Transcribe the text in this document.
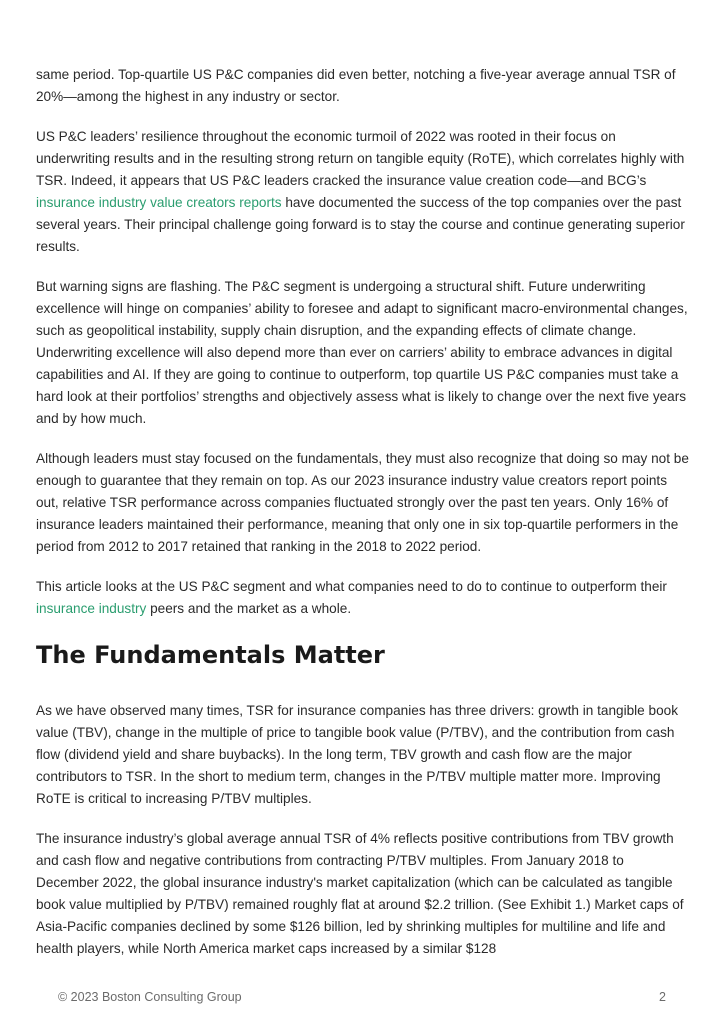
same period. Top-quartile US P&C companies did even better, notching a five-year average annual TSR of 20%—among the highest in any industry or sector.

US P&C leaders’ resilience throughout the economic turmoil of 2022 was rooted in their focus on underwriting results and in the resulting strong return on tangible equity (RoTE), which correlates highly with TSR. Indeed, it appears that US P&C leaders cracked the insurance value creation code—and BCG’s insurance industry value creators reports have documented the success of the top companies over the past several years. Their principal challenge going forward is to stay the course and continue generating superior results.

But warning signs are flashing. The P&C segment is undergoing a structural shift. Future underwriting excellence will hinge on companies’ ability to foresee and adapt to significant macro-environmental changes, such as geopolitical instability, supply chain disruption, and the expanding effects of climate change. Underwriting excellence will also depend more than ever on carriers’ ability to embrace advances in digital capabilities and AI. If they are going to continue to outperform, top quartile US P&C companies must take a hard look at their portfolios’ strengths and objectively assess what is likely to change over the next five years and by how much.

Although leaders must stay focused on the fundamentals, they must also recognize that doing so may not be enough to guarantee that they remain on top. As our 2023 insurance industry value creators report points out, relative TSR performance across companies fluctuated strongly over the past ten years. Only 16% of insurance leaders maintained their performance, meaning that only one in six top-quartile performers in the period from 2012 to 2017 retained that ranking in the 2018 to 2022 period.

This article looks at the US P&C segment and what companies need to do to continue to outperform their insurance industry peers and the market as a whole.

The Fundamentals Matter

As we have observed many times, TSR for insurance companies has three drivers: growth in tangible book value (TBV), change in the multiple of price to tangible book value (P/TBV), and the contribution from cash flow (dividend yield and share buybacks). In the long term, TBV growth and cash flow are the major contributors to TSR. In the short to medium term, changes in the P/TBV multiple matter more. Improving RoTE is critical to increasing P/TBV multiples.

The insurance industry’s global average annual TSR of 4% reflects positive contributions from TBV growth and cash flow and negative contributions from contracting P/TBV multiples. From January 2018 to December 2022, the global insurance industry's market capitalization (which can be calculated as tangible book value multiplied by P/TBV) remained roughly flat at around $2.2 trillion. (See Exhibit 1.) Market caps of Asia-Pacific companies declined by some $126 billion, led by shrinking multiples for multiline and life and health players, while North America market caps increased by a similar $128

© 2023 Boston Consulting Group	2
